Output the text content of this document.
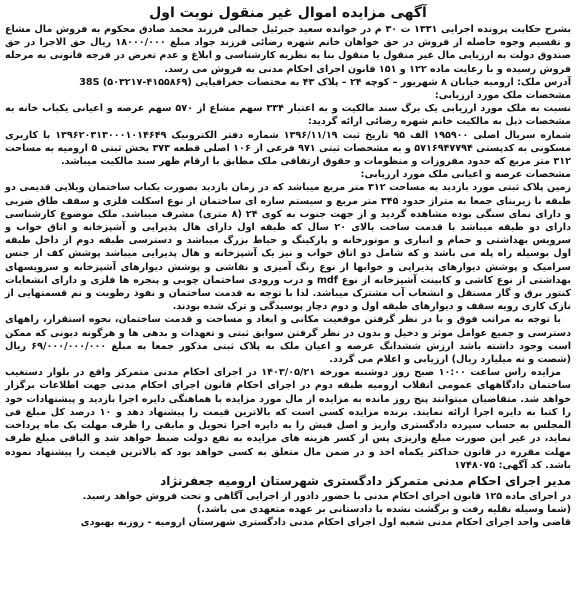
آگهی مزایده اموال غیر منقول نوبت اول

بشرح حکایت پرونده اجرایی ۱۳۳۱ ت ۳۰ م در خوانده سعید جبرئیل جمالی فرزند محمد صادق محکوم به فروش مال مشاع و تقسیم وجوه حاصله از فروش در حق خواهان خانم شهره رضائی فرزند جواد مبلغ ۱۸۰۰۰/۰۰۰ ریال حق الاجرا در حق صندوق دولت به ارزیابی مال غیر منقول یا منقول بنا به نظریه کارشناسی و ابلاغ و عدم تعرض در فرجه قانونی به مرحله فروش رسیده و با رعایت ماده ۱۲۲ و ۱۵۱ قانون اجرای احکام مدنی به فروش می رسد.

آدرس ملک: ارومیه خیابان ۸ شهریور – کوچه ۲۴ – پلاک ۴۳ به مختصات جغرافیایی (۴۱۵۵۸۶۹-۵۰۳۲۱۷) 38S

مشخصات ملک مورد ارزیابی:

نسبت به ملک مورد ارزیابی یک برگ سند مالکیت و به اعتبار ۳۳۴ سهم مشاع از ۵۷۰ سهم عرصه و اعیانی یکباب خانه به مشخصات ذیل به مالکیت خانم شهره رضائی ارائه گردید:

شماره سریال اصلی ۱۹۵۹۰۰ الف ۹۵ تاریخ ثبت ۱۳۹۶/۱۱/۱۹ شماره دفتر الکترونیک ۱۳۹۶۲۰۳۱۳۰۰۰۱۰۱۴۶۴۹ با کاربری مسکونی به کدپستی ۵۷۱۶۹۴۷۷۹۴ و به مشخصات ثبتی ۹۷۱ فرعی از ۱۰۶ اصلی قطعه ۳۷۳ بخش ثبتی ۵ ارومیه به مساحت ۳۱۲ متر مربع که حدود مفروزات و منظومات و حقوق ارتفاقی ملک مطابق با ارقام ظهر سند مالکیت میباشد.

مشخصات عرصه و اعیانی ملک مورد ارزیابی:

زمین پلاک ثبتی مورد بازدید به مساحت ۳۱۲ متر مربع میباشد که در زمان بازدید بصورت یکباب ساختمان ویلایی قدیمی دو طبقه با زیربنای جمعا به متراژ حدود ۳۴۵ متر مربع و سیستم سازه ای ساختمان از نوع اسکلت فلزی و سقف طاق ضربی و دارای نمای سنگی بوده مشاهده گردید و از جهت جنوب به کوی ۲۴ (۸ متری) مشرف میباشد. ملک موضوع کارشناسی دارای دو طبقه میباشد با قدمت ساخت بالای ۲۰ سال که طبقه اول دارای هال پذیرایی و آشپزخانه و اتاق خواب و سرویس بهداشتی و حمام و انباری و موتورخانه و پارکینگ و حیاط بزرگ میباشد و دسترسی طبقه دوم از داخل طبقه اول بوسیله راه پله می باشد و که شامل دو اتاق خواب و نیز یک آشپزخانه و هال پذیرایی میباشد پوشش کف از جنس سرامیک و پوشش دیوارهای پذیرایی و خوابها از نوع رنگ آمیزی و نقاشی و پوشش دیوارهای آشپزخانه و سرویسهای بهداشتی از نوع کاشی و کابینت آشپزخانه از نوع mdf و درب ورودی ساختمان چوبی و پنجره ها فلزی و دارای انشعابات کنتور برق و گاز مستقل و انشعاب آب مشترک میباشد. لذا با توجه به قدمت ساختمان و نفوذ رطوبت و نم قسمتهایی از نازک کاری رویه سقف و دیوارهای طبقه اول و دوم دچار پوسیدگی و ترک شده بودند.

با توجه به مراتب فوق و با در نظر گرفتن موقعیت مکانی و ابعاد و مساحت و قدمت ساختمان، نحوه استقرار، راههای دسترسی و جمیع عوامل موثر و دخیل و بدون در نظر گرفتن سوابق ثبتی و تعهدات و بدهی ها و هرگونه دیونی که ممکن است وجود داشته باشد ارزش ششدانگ عرصه و اعیان ملک به پلاک ثبتی مذکور جمعا به مبلغ ۶۹/۰۰۰/۰۰۰/۰۰۰ ریال (شصت و نه میلیارد ریال) ارزیابی و اعلام می گردد.

مزایده راس ساعت ۱۰:۰۰ صبح روز دوشنبه مورخه ۱۴۰۳/۰۵/۲۱ در اجرای احکام مدنی متمرکز واقع در بلوار دستغیب ساختمان دادگاههای عمومی انقلاب ارومیه طبقه دوم در اجرای احکام قانون اجرای احکام مدنی جهت اطلاعات برگزار خواهد شد. متقاضیان میتوانند پنج روز مانده به مزایده از مال مورد مزایده با هماهنگی دایره اجرا بازدید و پیشنهادات خود را کتبا به دایره اجرا ارائه نمایند. برنده مزایده کسی است که بالاترین قیمت را پیشنهاد دهد و ۱۰ درصد کل مبلغ فی المجلس به حساب سپرده دادگستری واریز و اصل فیش را به دایره اجرا تحویل و مابقی را ظرف مهلت یک ماه پرداخت نماید، در غیر این صورت مبلغ واریزی پس از کسر هزینه های مزایده به نفع دولت ضبط خواهد شد و الباقی مبلغ ظرف مهلت مقرره در قانون حداکثر یکماه اخذ و در ضمن مال متعلق به کسی خواهد بود که بالاترین قیمت را پیشنهاد نموده باشد. کد آگهی: ۱۷۴۸۰۷۵

مدیر اجرای احکام مدنی متمرکز دادگستری شهرستان ارومیه جعفرنژاد

در اجرای ماده ۱۲۵ قانون اجرای احکام مدنی با حضور دادور از اجرایی آگاهی و تحت فروش خواهد رسید.

(شما وسیله نقلیه رفت و برگشت نشده با دادستانی بر عهده متعهدی می باشد.)

قاضی واحد اجرای احکام مدنی شعبه اول اجرای احکام مدنی دادگستری شهرستان ارومیه - روزبه بهبودی
